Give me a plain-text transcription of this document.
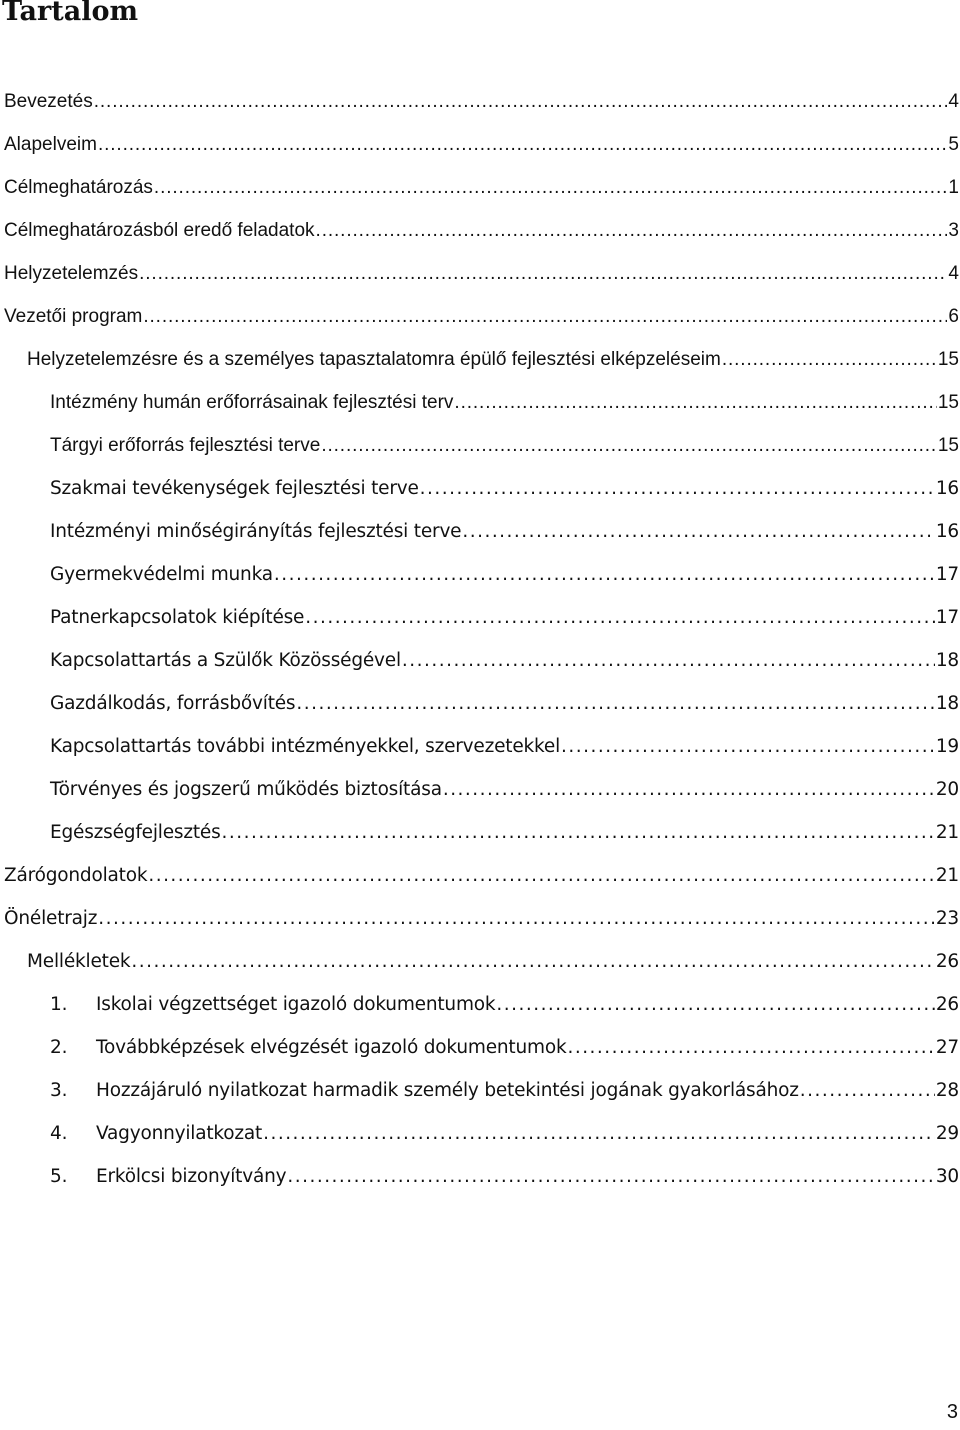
Tartalom
Bevezetés . . .	4
Alapelveim . . .	5
Célmeghatározás . . .	1
Célmeghatározásból eredő feladatok . . .	3
Helyzetelemzés . . .	4
Vezetői program . . .	6
Helyzetelemzésre és a személyes tapasztalatomra épülő fejlesztési elképzeléseim . . .	15
Intézmény humán erőforrásainak fejlesztési terv . . .	15
Tárgyi erőforrás fejlesztési terve . . .	15
Szakmai tevékenységek fejlesztési terve . . .	16
Intézményi minőségirányítás fejlesztési terve . . .	16
Gyermekvédelmi munka . . .	17
Patnerkapcsolatok kiépítése . . .	17
Kapcsolattartás a Szülők Közösségével . . .	18
Gazdálkodás, forrásbővítés . . .	18
Kapcsolattartás további intézményekkel, szervezetekkel . . .	19
Törvényes és jogszerű működés biztosítása . . .	20
Egészségfejlesztés . . .	21
Zárógondolatok . . .	21
Önéletrajz . . .	23
Mellékletek . . .	26
1.	Iskolai végzettséget igazoló dokumentumok . . .	26
2.	Továbbképzések elvégzését igazoló dokumentumok . . .	27
3.	Hozzájáruló nyilatkozat harmadik személy betekintési jogának gyakorlásához . . .	28
4.	Vagyonnyilatkozat . . .	29
5.	Erkölcsi bizonyítvány . . .	30
3
